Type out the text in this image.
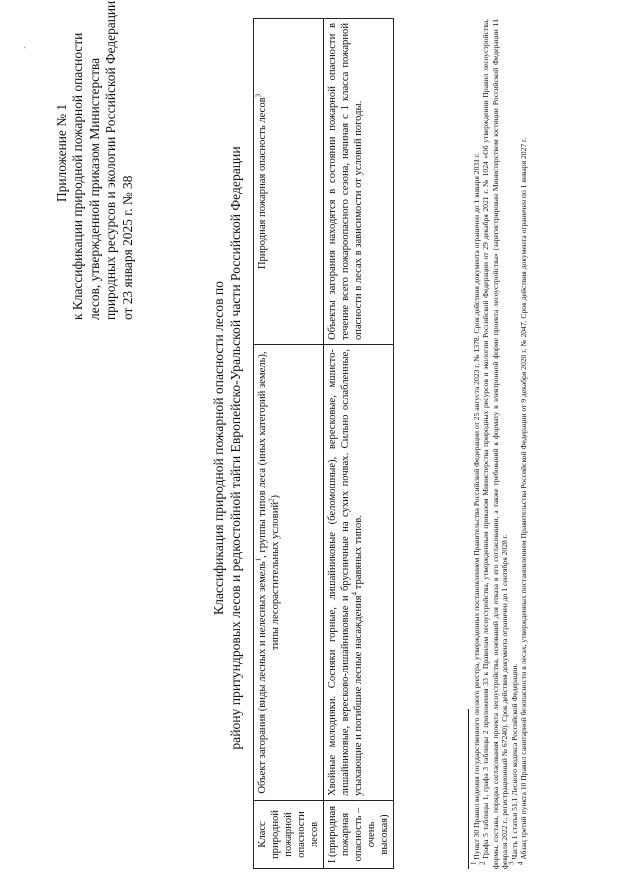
.
Приложение № 1 к Классификации природной пожарной опасности лесов, утвержденной приказом Министерства природных ресурсов и экологии Российской Федерации от 23 января 2025 г. № 38
Классификация природной пожарной опасности лесов по району притундровых лесов и редкостойной тайги Европейско-Уральской части Российской Федерации
Класс природной пожарной опасности лесов	Объект загорания (виды лесных и нелесных земель$^1$, группы типов леса (иных категорий земель), типы лесорастительных условий$^2$)	Природная пожарная опасность лесов$^3$
I (природная пожарная опасность – очень высокая)	Хвойные молодняки. Сосняки горные, лишайниковые (беломошные), вересковые, мшисто-лишайниковые, вересково-лишайниковые и брусничные на сухих почвах. Сильно ослабленные, усыхающие и погибшие лесные насаждения$^4$ травяных типов.	Объекты загорания находятся в состоянии пожарной опасности в течение всего пожароопасного сезона, начиная с 1 класса пожарной опасности в лесах в зависимости от условий погоды.

$^1$ Пункт 30 Правил ведения государственного лесного реестра, утвержденных постановлением Правительства Российской Федерации от 25 августа 2023 г. № 1378. Срок действия документа ограничен до 1 января 2031 г.

$^2$ Графа 5 таблицы 1, графа 3 таблицы 2 приложения 33 к Правилам лесоустройства, утвержденным приказом Министерства природных ресурсов и экологии Российской Федерации от 29 декабря 2021 г. № 1024 «Об утверждении Правил лесоустройства, формы, состава, порядка согласования проекта лесоустройства, оснований для отказа в его согласовании, а также требований к формату в электронной форме проекта лесоустройства» (зарегистрирован Министерством юстиции Российской Федерации 11 февраля 2022 г., регистрационный № 67240). Срок действия документа ограничен до 1 сентября 2028 г.

$^3$ Часть 1 статьи 51.1 Лесного кодекса Российской Федерации.

$^4$ Абзац третий пункта 10 Правил санитарной безопасности в лесах, утвержденных постановлением Правительства Российской Федерации от 9 декабря 2020 г. № 2047. Срок действия документа ограничен по 1 января 2027 г.
